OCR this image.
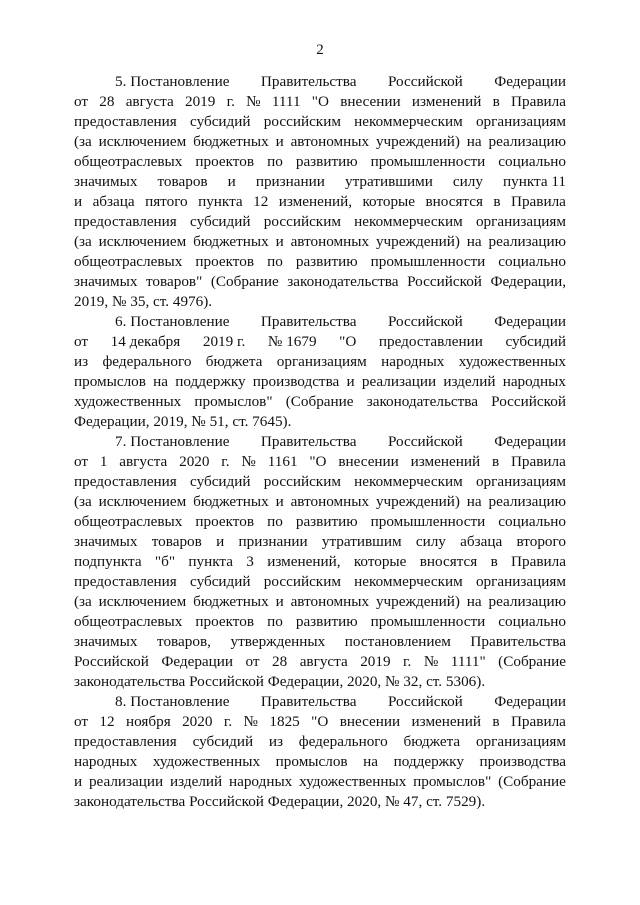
2
5. Постановление Правительства Российской Федерации
от 28 августа 2019 г. № 1111 "О внесении изменений в Правила
предоставления субсидий российским некоммерческим организациям
(за исключением бюджетных и автономных учреждений) на реализацию
общеотраслевых проектов по развитию промышленности социально
значимых товаров и признании утратившими силу пункта 11
и абзаца пятого пункта 12 изменений, которые вносятся в Правила
предоставления субсидий российским некоммерческим организациям
(за исключением бюджетных и автономных учреждений) на реализацию
общеотраслевых проектов по развитию промышленности социально
значимых товаров" (Собрание законодательства Российской Федерации,
2019, № 35, ст. 4976).
6. Постановление Правительства Российской Федерации
от 14 декабря 2019 г. № 1679 "О предоставлении субсидий
из федерального бюджета организациям народных художественных
промыслов на поддержку производства и реализации изделий народных
художественных промыслов" (Собрание законодательства Российской
Федерации, 2019, № 51, ст. 7645).
7. Постановление Правительства Российской Федерации
от 1 августа 2020 г. № 1161 "О внесении изменений в Правила
предоставления субсидий российским некоммерческим организациям
(за исключением бюджетных и автономных учреждений) на реализацию
общеотраслевых проектов по развитию промышленности социально
значимых товаров и признании утратившим силу абзаца второго
подпункта "б" пункта 3 изменений, которые вносятся в Правила
предоставления субсидий российским некоммерческим организациям
(за исключением бюджетных и автономных учреждений) на реализацию
общеотраслевых проектов по развитию промышленности социально
значимых товаров, утвержденных постановлением Правительства
Российской Федерации от 28 августа 2019 г. № 1111" (Собрание
законодательства Российской Федерации, 2020, № 32, ст. 5306).
8. Постановление Правительства Российской Федерации
от 12 ноября 2020 г. № 1825 "О внесении изменений в Правила
предоставления субсидий из федерального бюджета организациям
народных художественных промыслов на поддержку производства
и реализации изделий народных художественных промыслов" (Собрание
законодательства Российской Федерации, 2020, № 47, ст. 7529).
